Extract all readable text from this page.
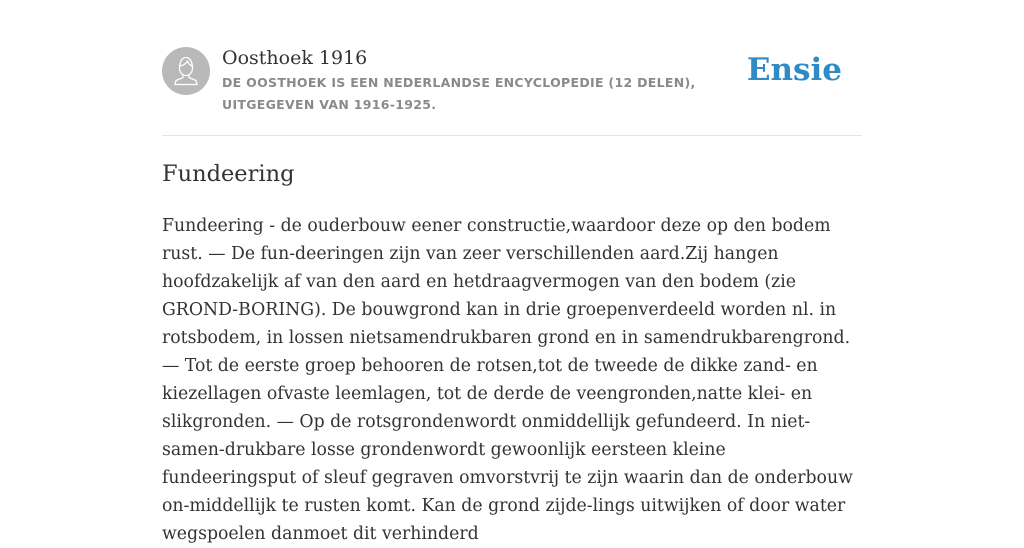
Oosthoek 1916
DE OOSTHOEK IS EEN NEDERLANDSE ENCYCLOPEDIE (12 DELEN), UITGEGEVEN VAN 1916-1925.
Ensie
Fundeering

Fundeering - de ouderbouw eener constructie,waardoor deze op den bodem rust. — De fun-deeringen zijn van zeer verschillenden aard.Zij hangen hoofdzakelijk af van den aard en hetdraagvermogen van den bodem (zie GROND-BORING). De bouwgrond kan in drie groepenverdeeld worden nl. in rotsbodem, in lossen nietsamendrukbaren grond en in samendrukbarengrond. — Tot de eerste groep behooren de rotsen,tot de tweede de dikke zand- en kiezellagen ofvaste leemlagen, tot de derde de veengronden,natte klei- en slikgronden. — Op de rotsgrondenwordt onmiddellijk gefundeerd. In niet-samen-drukbare losse grondenwordt gewoonlijk eersteen kleine fundeeringsput of sleuf gegraven omvorstvrij te zijn waarin dan de onderbouw on-middellijk te rusten komt. Kan de grond zijde-lings uitwijken of door water wegspoelen danmoet dit verhinderd
